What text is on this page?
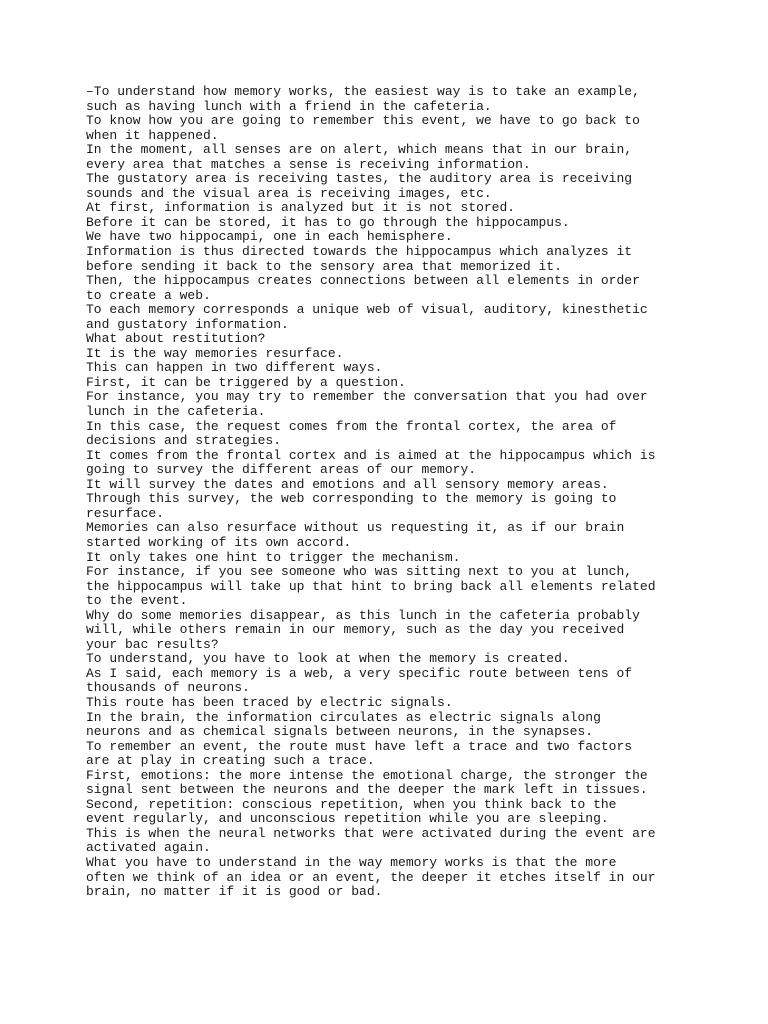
–To understand how memory works, the easiest way is to take an example,
such as having lunch with a friend in the cafeteria.
To know how you are going to remember this event, we have to go back to
when it happened.
In the moment, all senses are on alert, which means that in our brain,
every area that matches a sense is receiving information.
The gustatory area is receiving tastes, the auditory area is receiving
sounds and the visual area is receiving images, etc.
At first, information is analyzed but it is not stored.
Before it can be stored, it has to go through the hippocampus.
We have two hippocampi, one in each hemisphere.
Information is thus directed towards the hippocampus which analyzes it
before sending it back to the sensory area that memorized it.
Then, the hippocampus creates connections between all elements in order
to create a web.
To each memory corresponds a unique web of visual, auditory, kinesthetic
and gustatory information.
What about restitution?
It is the way memories resurface.
This can happen in two different ways.
First, it can be triggered by a question.
For instance, you may try to remember the conversation that you had over
lunch in the cafeteria.
In this case, the request comes from the frontal cortex, the area of
decisions and strategies.
It comes from the frontal cortex and is aimed at the hippocampus which is
going to survey the different areas of our memory.
It will survey the dates and emotions and all sensory memory areas.
Through this survey, the web corresponding to the memory is going to
resurface.
Memories can also resurface without us requesting it, as if our brain
started working of its own accord.
It only takes one hint to trigger the mechanism.
For instance, if you see someone who was sitting next to you at lunch,
the hippocampus will take up that hint to bring back all elements related
to the event.
Why do some memories disappear, as this lunch in the cafeteria probably
will, while others remain in our memory, such as the day you received
your bac results?
To understand, you have to look at when the memory is created.
As I said, each memory is a web, a very specific route between tens of
thousands of neurons.
This route has been traced by electric signals.
In the brain, the information circulates as electric signals along
neurons and as chemical signals between neurons, in the synapses.
To remember an event, the route must have left a trace and two factors
are at play in creating such a trace.
First, emotions: the more intense the emotional charge, the stronger the
signal sent between the neurons and the deeper the mark left in tissues.
Second, repetition: conscious repetition, when you think back to the
event regularly, and unconscious repetition while you are sleeping.
This is when the neural networks that were activated during the event are
activated again.
What you have to understand in the way memory works is that the more
often we think of an idea or an event, the deeper it etches itself in our
brain, no matter if it is good or bad.
